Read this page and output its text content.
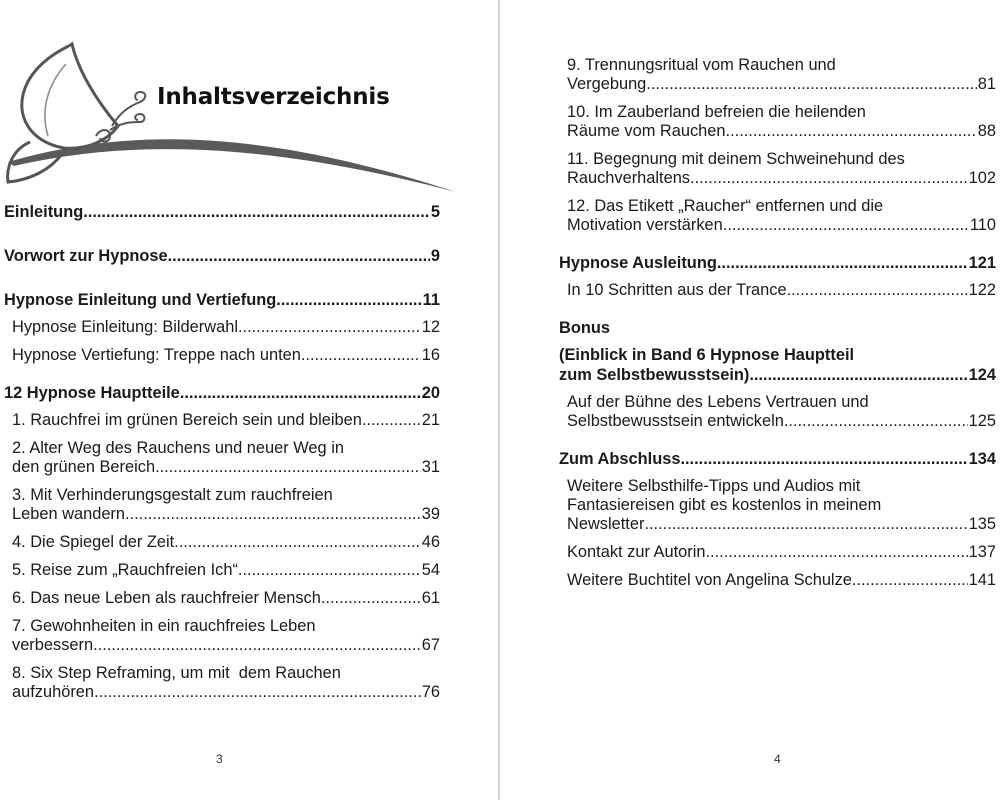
Inhaltsverzeichnis
Einleitung .....	5
Vorwort zur Hypnose .....	9
Hypnose Einleitung und Vertiefung .....	11
Hypnose Einleitung: Bilderwahl .....	12
Hypnose Vertiefung: Treppe nach unten .....	16
12 Hypnose Hauptteile .....	20
1. Rauchfrei im grünen Bereich sein und bleiben .....	21
2. Alter Weg des Rauchens und neuer Weg in
den grünen Bereich .....	31
3. Mit Verhinderungsgestalt zum rauchfreien
Leben wandern .....	39
4. Die Spiegel der Zeit .....	46
5. Reise zum „Rauchfreien Ich“ .....	54
6. Das neue Leben als rauchfreier Mensch .....	61
7. Gewohnheiten in ein rauchfreies Leben
verbessern .....	67
8. Six Step Reframing, um mit  dem Rauchen
aufzuhören .....	76
3
9. Trennungsritual vom Rauchen und
Vergebung .....	81
10. Im Zauberland befreien die heilenden
Räume vom Rauchen .....	88
11. Begegnung mit deinem Schweinehund des
Rauchverhaltens .....	102
12. Das Etikett „Raucher“ entfernen und die
Motivation verstärken .....	110
Hypnose Ausleitung .....	121
In 10 Schritten aus der Trance .....	122
Bonus
(Einblick in Band 6 Hypnose Hauptteil
zum Selbstbewusstsein) .....	124
Auf der Bühne des Lebens Vertrauen und
Selbstbewusstsein entwickeln .....	125
Zum Abschluss .....	134
Weitere Selbsthilfe-Tipps und Audios mit
Fantasiereisen gibt es kostenlos in meinem
Newsletter .....	135
Kontakt zur Autorin .....	137
Weitere Buchtitel von Angelina Schulze .....	141
4
